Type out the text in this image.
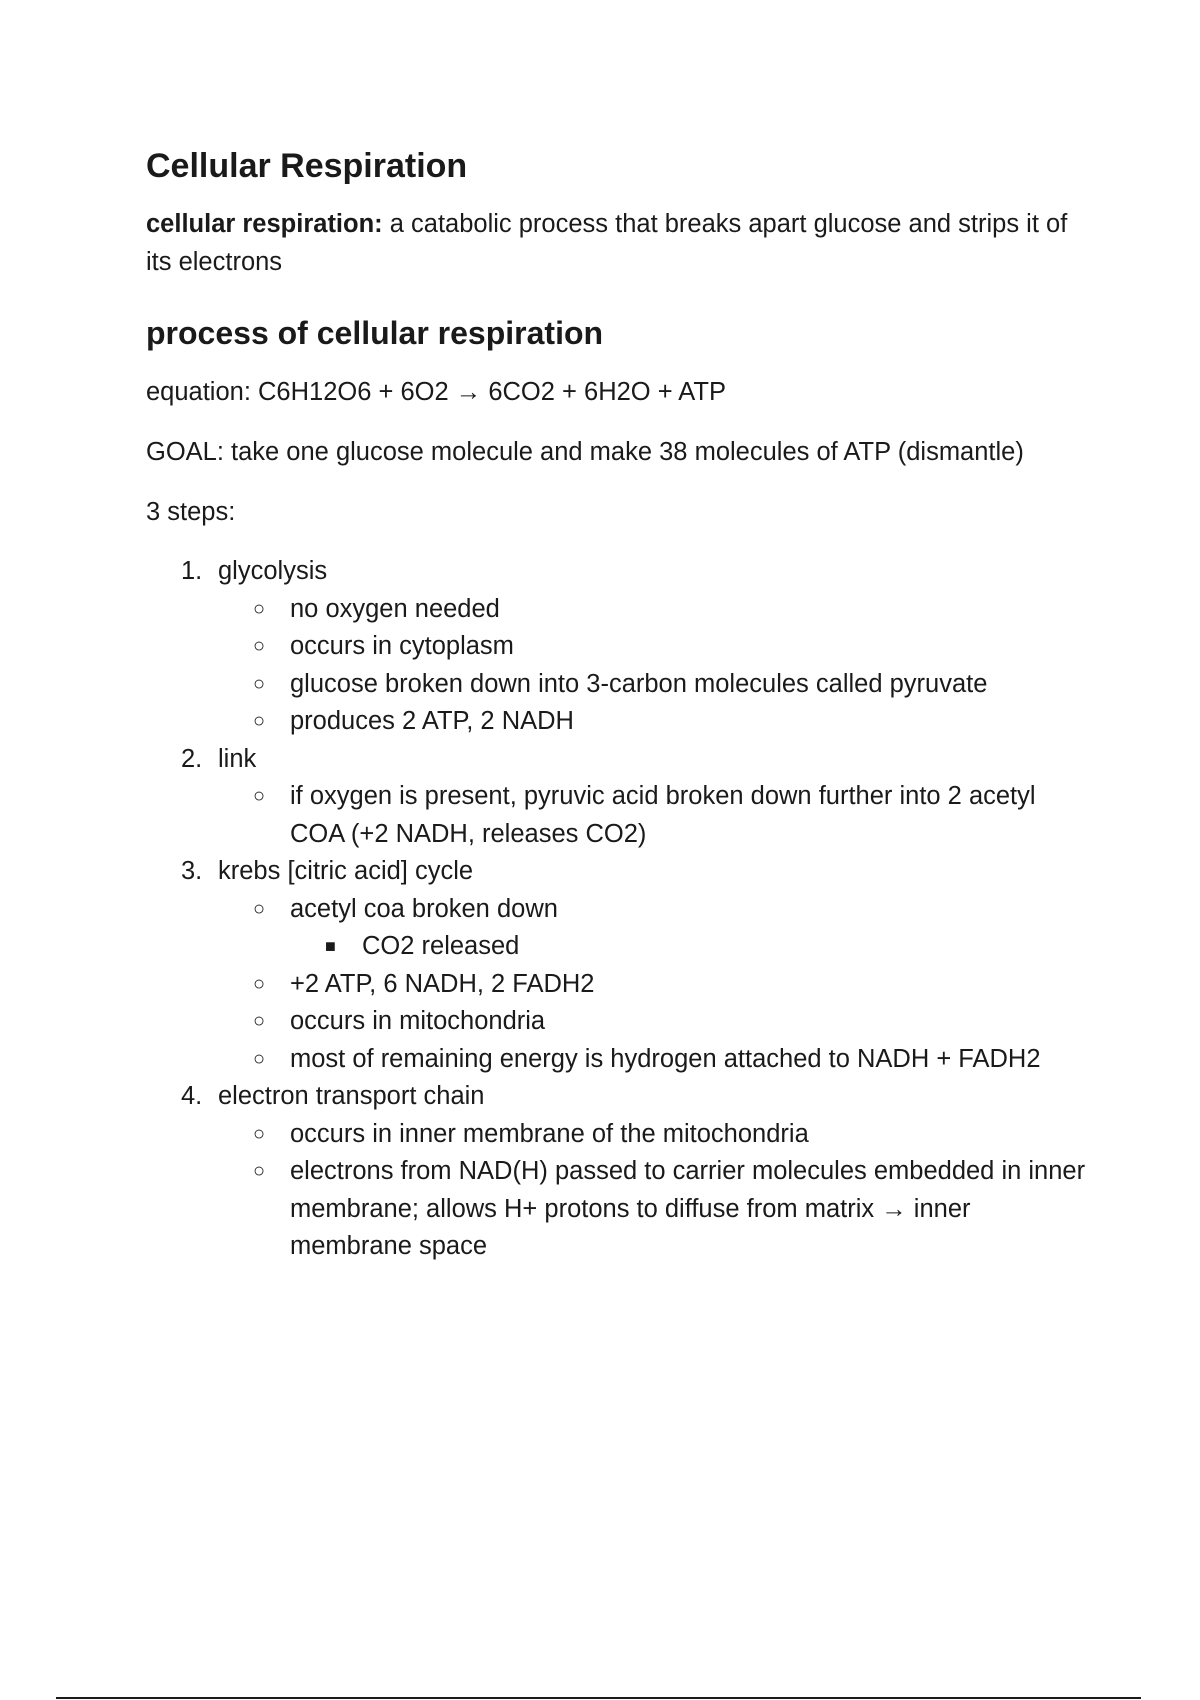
Cellular Respiration

cellular respiration: a catabolic process that breaks apart glucose and strips it of its electrons

process of cellular respiration

equation: C6H12O6 + 6O2 → 6CO2 + 6H2O + ATP

GOAL: take one glucose molecule and make 38 molecules of ATP (dismantle)

3 steps:

1. glycolysis
○ no oxygen needed
○ occurs in cytoplasm
○ glucose broken down into 3-carbon molecules called pyruvate
○ produces 2 ATP, 2 NADH
2. link
○ if oxygen is present, pyruvic acid broken down further into 2 acetyl COA (+2 NADH, releases CO2)
3. krebs [citric acid] cycle
○ acetyl coa broken down
■ CO2 released
○ +2 ATP, 6 NADH, 2 FADH2
○ occurs in mitochondria
○ most of remaining energy is hydrogen attached to NADH + FADH2
4. electron transport chain
○ occurs in inner membrane of the mitochondria
○ electrons from NAD(H) passed to carrier molecules embedded in inner membrane; allows H+ protons to diffuse from matrix → inner membrane space
